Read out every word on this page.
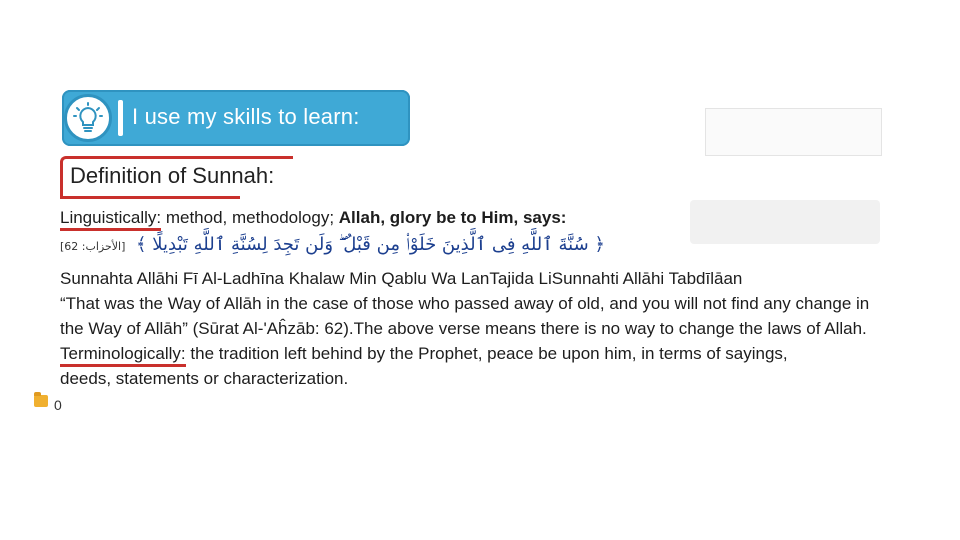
I use my skills to learn:
Definition of Sunnah:
Linguistically: method, methodology; Allah, glory be to Him, says:
[62 :الأحزاب] ﴿ سُنَّةَ ٱللَّهِ فِى ٱلَّذِينَ خَلَوْا۟ مِن قَبْلُ ۖ وَلَن تَجِدَ لِسُنَّةِ ٱللَّهِ تَبْدِيلًا ﴾
Sunnahta Allāhi Fī Al-Ladhīna Khalaw Min Qablu Wa LanTajida LiSunnahti Allāhi Tabdīlāan
“That was the Way of Allāh in the case of those who passed away of old, and you will not find any change in
the Way of Allāh” (Sūrat Al-'Aĥzāb: 62).The above verse means there is no way to change the laws of Allah.
Terminologically: the tradition left behind by the Prophet, peace be upon him, in terms of sayings,
deeds, statements or characterization.
0
